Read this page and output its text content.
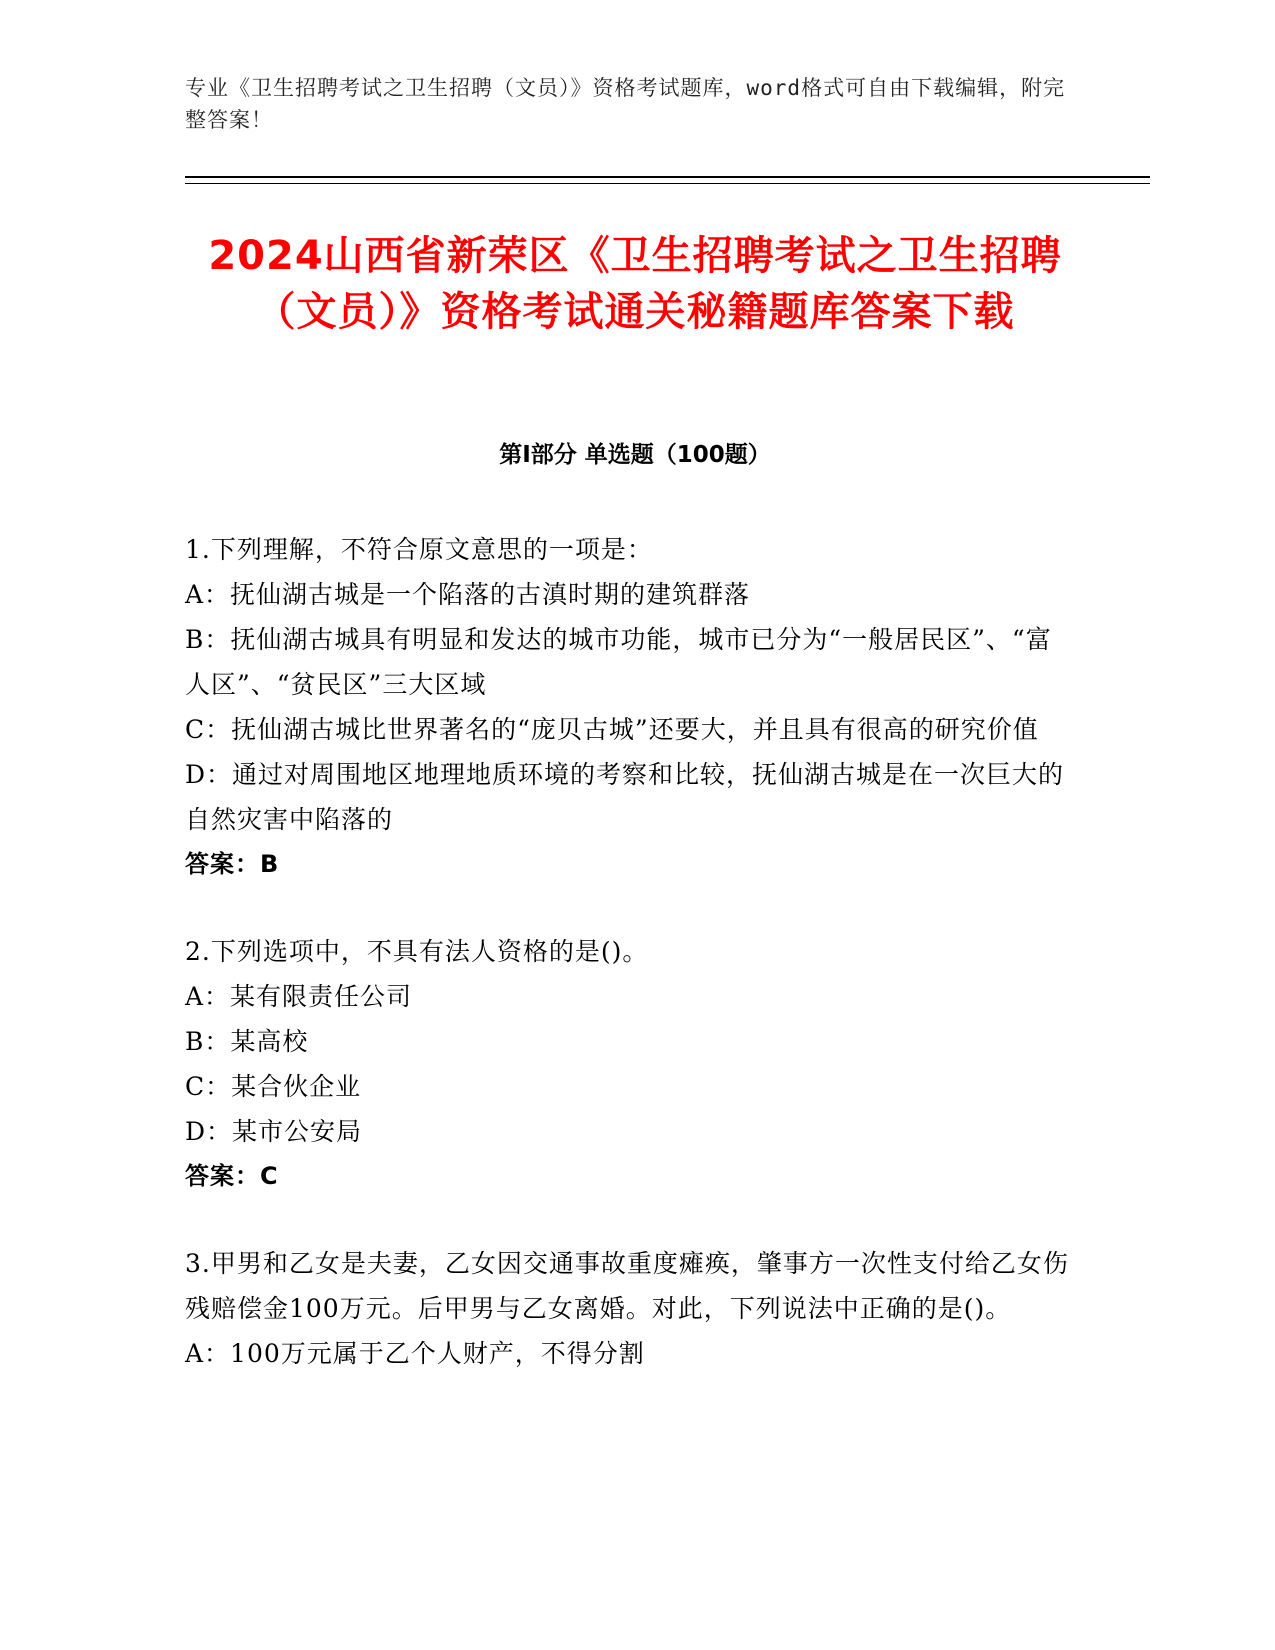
专业《卫生招聘考试之卫生招聘（文员）》资格考试题库，word格式可自由下载编辑，附完整答案！
2024山西省新荣区《卫生招聘考试之卫生招聘（文员）》资格考试通关秘籍题库答案下载
第I部分 单选题（100题）

1.下列理解，不符合原文意思的一项是：

A：抚仙湖古城是一个陷落的古滇时期的建筑群落

B：抚仙湖古城具有明显和发达的城市功能，城市已分为“一般居民区”、“富人区”、“贫民区”三大区域

C：抚仙湖古城比世界著名的“庞贝古城”还要大，并且具有很高的研究价值

D：通过对周围地区地理地质环境的考察和比较，抚仙湖古城是在一次巨大的自然灾害中陷落的

答案：B

2.下列选项中，不具有法人资格的是()。

A：某有限责任公司

B：某高校

C：某合伙企业

D：某市公安局

答案：C

3.甲男和乙女是夫妻，乙女因交通事故重度瘫痪，肇事方一次性支付给乙女伤残赔偿金100万元。后甲男与乙女离婚。对此，下列说法中正确的是()。

A：100万元属于乙个人财产，不得分割
